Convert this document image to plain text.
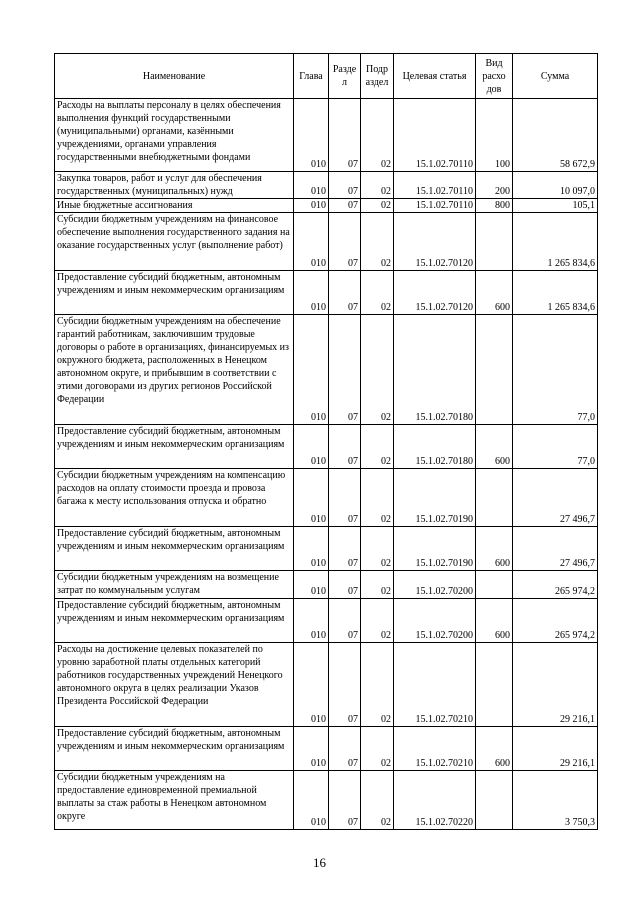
Наименование	Глава	Разде л	Подр аздел	Целевая статья	Вид расхо дов	Сумма
Расходы на выплаты персоналу в целях обеспечения выполнения функций государственными (муниципальными) органами, казёнными учреждениями, органами управления государственными внебюджетными фондами	010	07	02	15.1.02.70110	100	58 672,9
Закупка товаров, работ и услуг для обеспечения государственных (муниципальных) нужд	010	07	02	15.1.02.70110	200	10 097,0
Иные бюджетные ассигнования	010	07	02	15.1.02.70110	800	105,1
Субсидии бюджетным учреждениям на финансовое обеспечение выполнения государственного задания на оказание государственных услуг (выполнение работ)	010	07	02	15.1.02.70120		1 265 834,6
Предоставление субсидий бюджетным, автономным учреждениям и иным некоммерческим организациям	010	07	02	15.1.02.70120	600	1 265 834,6
Субсидии бюджетным учреждениям на обеспечение гарантий работникам, заключившим трудовые договоры о работе в организациях, финансируемых из окружного бюджета, расположенных в Ненецком автономном округе, и прибывшим в соответствии с этими договорами из других регионов Российской Федерации	010	07	02	15.1.02.70180		77,0
Предоставление субсидий бюджетным, автономным учреждениям и иным некоммерческим организациям	010	07	02	15.1.02.70180	600	77,0
Субсидии бюджетным учреждениям на компенсацию расходов на оплату стоимости проезда и провоза багажа к месту использования отпуска и обратно	010	07	02	15.1.02.70190		27 496,7
Предоставление субсидий бюджетным, автономным учреждениям и иным некоммерческим организациям	010	07	02	15.1.02.70190	600	27 496,7
Субсидии бюджетным учреждениям на возмещение затрат по коммунальным услугам	010	07	02	15.1.02.70200		265 974,2
Предоставление субсидий бюджетным, автономным учреждениям и иным некоммерческим организациям	010	07	02	15.1.02.70200	600	265 974,2
Расходы на достижение целевых показателей по уровню заработной платы отдельных категорий работников государственных учреждений Ненецкого автономного округа в целях реализации Указов Президента Российской Федерации	010	07	02	15.1.02.70210		29 216,1
Предоставление субсидий бюджетным, автономным учреждениям и иным некоммерческим организациям	010	07	02	15.1.02.70210	600	29 216,1
Субсидии бюджетным учреждениям на предоставление единовременной премиальной выплаты за стаж работы в Ненецком автономном округе	010	07	02	15.1.02.70220		3 750,3
16
